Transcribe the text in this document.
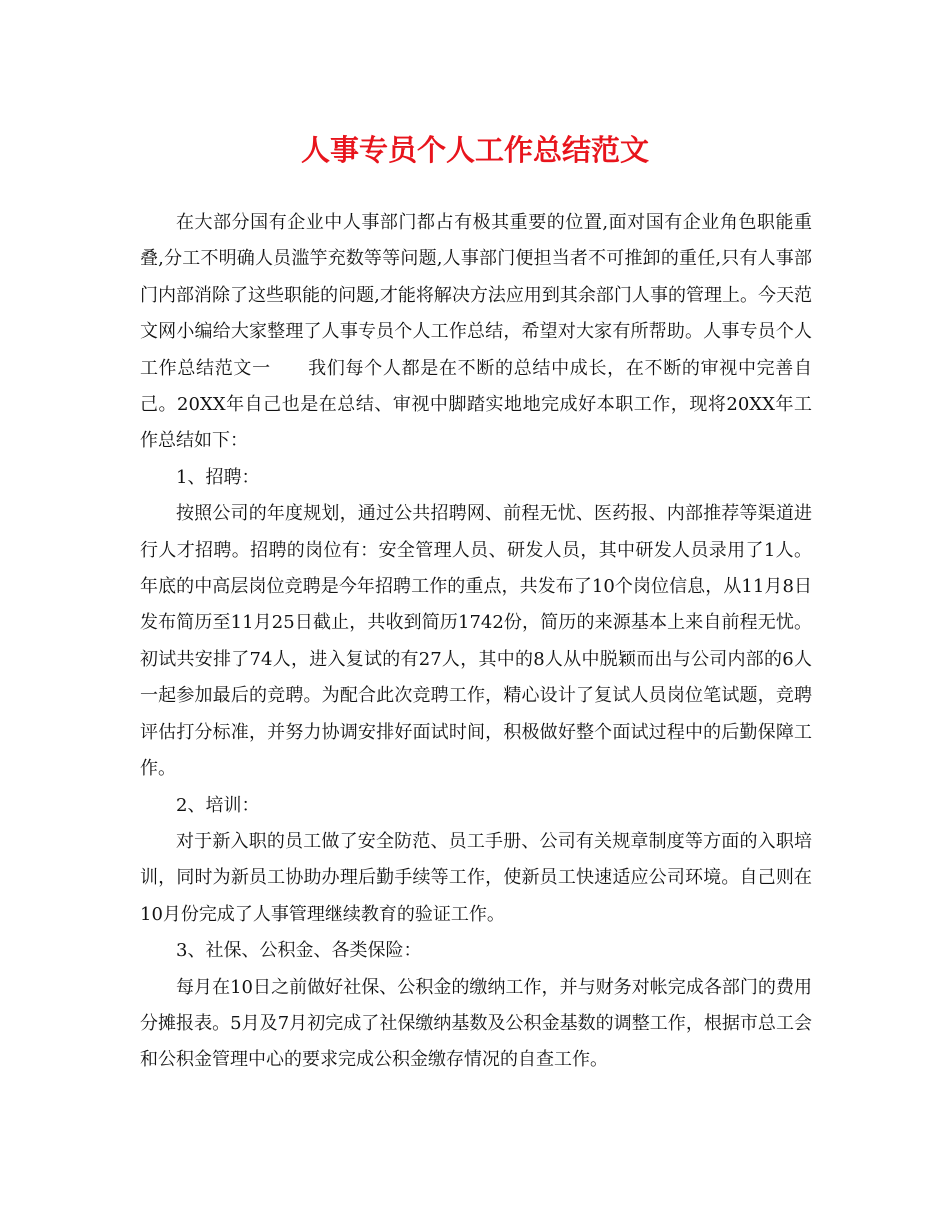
人事专员个人工作总结范文

在大部分国有企业中人事部门都占有极其重要的位置,面对国有企业角色职能重叠,分工不明确人员滥竽充数等等问题,人事部门便担当者不可推卸的重任,只有人事部门内部消除了这些职能的问题,才能将解决方法应用到其余部门人事的管理上。今天范文网小编给大家整理了人事专员个人工作总结，希望对大家有所帮助。人事专员个人工作总结范文一　　我们每个人都是在不断的总结中成长，在不断的审视中完善自己。20XX年自己也是在总结、审视中脚踏实地地完成好本职工作，现将20XX年工作总结如下：

1、招聘：

按照公司的年度规划，通过公共招聘网、前程无忧、医药报、内部推荐等渠道进行人才招聘。招聘的岗位有：安全管理人员、研发人员，其中研发人员录用了1人。年底的中高层岗位竞聘是今年招聘工作的重点，共发布了10个岗位信息，从11月8日发布简历至11月25日截止，共收到简历1742份，简历的来源基本上来自前程无忧。初试共安排了74人，进入复试的有27人，其中的8人从中脱颖而出与公司内部的6人一起参加最后的竞聘。为配合此次竞聘工作，精心设计了复试人员岗位笔试题，竞聘评估打分标准，并努力协调安排好面试时间，积极做好整个面试过程中的后勤保障工作。

2、培训：

对于新入职的员工做了安全防范、员工手册、公司有关规章制度等方面的入职培训，同时为新员工协助办理后勤手续等工作，使新员工快速适应公司环境。自己则在10月份完成了人事管理继续教育的验证工作。

3、社保、公积金、各类保险：

每月在10日之前做好社保、公积金的缴纳工作，并与财务对帐完成各部门的费用分摊报表。5月及7月初完成了社保缴纳基数及公积金基数的调整工作，根据市总工会和公积金管理中心的要求完成公积金缴存情况的自查工作。
